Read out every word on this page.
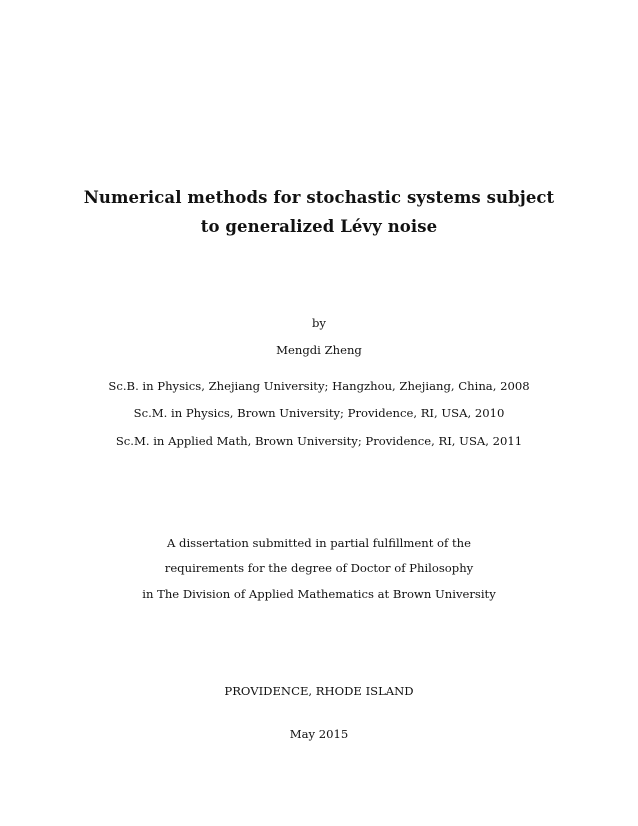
Numerical methods for stochastic systems subject
to generalized Lévy noise
by
Mengdi Zheng
Sc.B. in Physics, Zhejiang University; Hangzhou, Zhejiang, China, 2008
Sc.M. in Physics, Brown University; Providence, RI, USA, 2010
Sc.M. in Applied Math, Brown University; Providence, RI, USA, 2011
A dissertation submitted in partial fulfillment of the
requirements for the degree of Doctor of Philosophy
in The Division of Applied Mathematics at Brown University
PROVIDENCE, RHODE ISLAND
May 2015
